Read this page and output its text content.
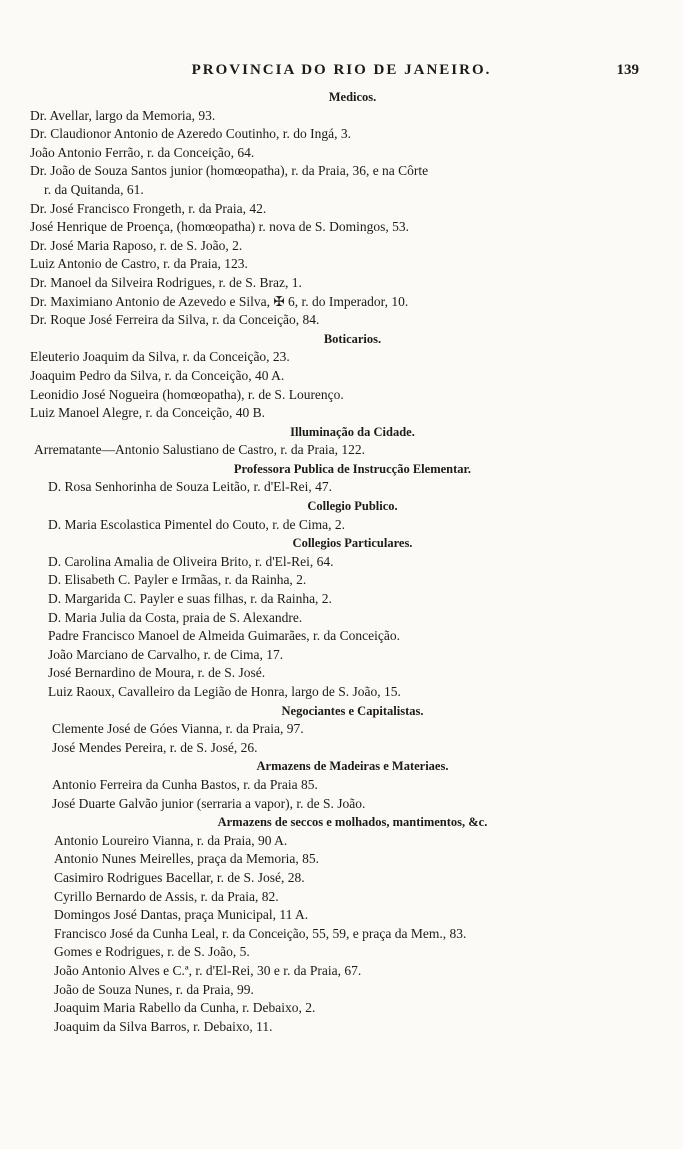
PROVINCIA DO RIO DE JANEIRO.	139
Medicos.
Dr. Avellar, largo da Memoria, 93.
Dr. Claudionor Antonio de Azeredo Coutinho, r. do Ingá, 3.
João Antonio Ferrão, r. da Conceição, 64.
Dr. João de Souza Santos junior (homœopatha), r. da Praia, 36, e na Côrte
r. da Quitanda, 61.
Dr. José Francisco Frongeth, r. da Praia, 42.
José Henrique de Proença, (homœopatha) r. nova de S. Domingos, 53.
Dr. José Maria Raposo, r. de S. João, 2.
Luiz Antonio de Castro, r. da Praia, 123.
Dr. Manoel da Silveira Rodrigues, r. de S. Braz, 1.
Dr. Maximiano Antonio de Azevedo e Silva, ✠ 6, r. do Imperador, 10.
Dr. Roque José Ferreira da Silva, r. da Conceição, 84.
Boticarios.
Eleuterio Joaquim da Silva, r. da Conceição, 23.
Joaquim Pedro da Silva, r. da Conceição, 40 A.
Leonidio José Nogueira (homœopatha), r. de S. Lourenço.
Luiz Manoel Alegre, r. da Conceição, 40 B.
Illuminação da Cidade.
Arrematante—Antonio Salustiano de Castro, r. da Praia, 122.
Professora Publica de Instrucção Elementar.
D. Rosa Senhorinha de Souza Leitão, r. d'El-Rei, 47.
Collegio Publico.
D. Maria Escolastica Pimentel do Couto, r. de Cima, 2.
Collegios Particulares.
D. Carolina Amalia de Oliveira Brito, r. d'El-Rei, 64.
D. Elisabeth C. Payler e Irmãas, r. da Rainha, 2.
D. Margarida C. Payler e suas filhas, r. da Rainha, 2.
D. Maria Julia da Costa, praia de S. Alexandre.
Padre Francisco Manoel de Almeida Guimarães, r. da Conceição.
João Marciano de Carvalho, r. de Cima, 17.
José Bernardino de Moura, r. de S. José.
Luiz Raoux, Cavalleiro da Legião de Honra, largo de S. João, 15.
Negociantes e Capitalistas.
Clemente José de Góes Vianna, r. da Praia, 97.
José Mendes Pereira, r. de S. José, 26.
Armazens de Madeiras e Materiaes.
Antonio Ferreira da Cunha Bastos, r. da Praia 85.
José Duarte Galvão junior (serraria a vapor), r. de S. João.
Armazens de seccos e molhados, mantimentos, &c.
Antonio Loureiro Vianna, r. da Praia, 90 A.
Antonio Nunes Meirelles, praça da Memoria, 85.
Casimiro Rodrigues Bacellar, r. de S. José, 28.
Cyrillo Bernardo de Assis, r. da Praia, 82.
Domingos José Dantas, praça Municipal, 11 A.
Francisco José da Cunha Leal, r. da Conceição, 55, 59, e praça da Mem., 83.
Gomes e Rodrigues, r. de S. João, 5.
João Antonio Alves e C.ª, r. d'El-Rei, 30 e r. da Praia, 67.
João de Souza Nunes, r. da Praia, 99.
Joaquim Maria Rabello da Cunha, r. Debaixo, 2.
Joaquim da Silva Barros, r. Debaixo, 11.
